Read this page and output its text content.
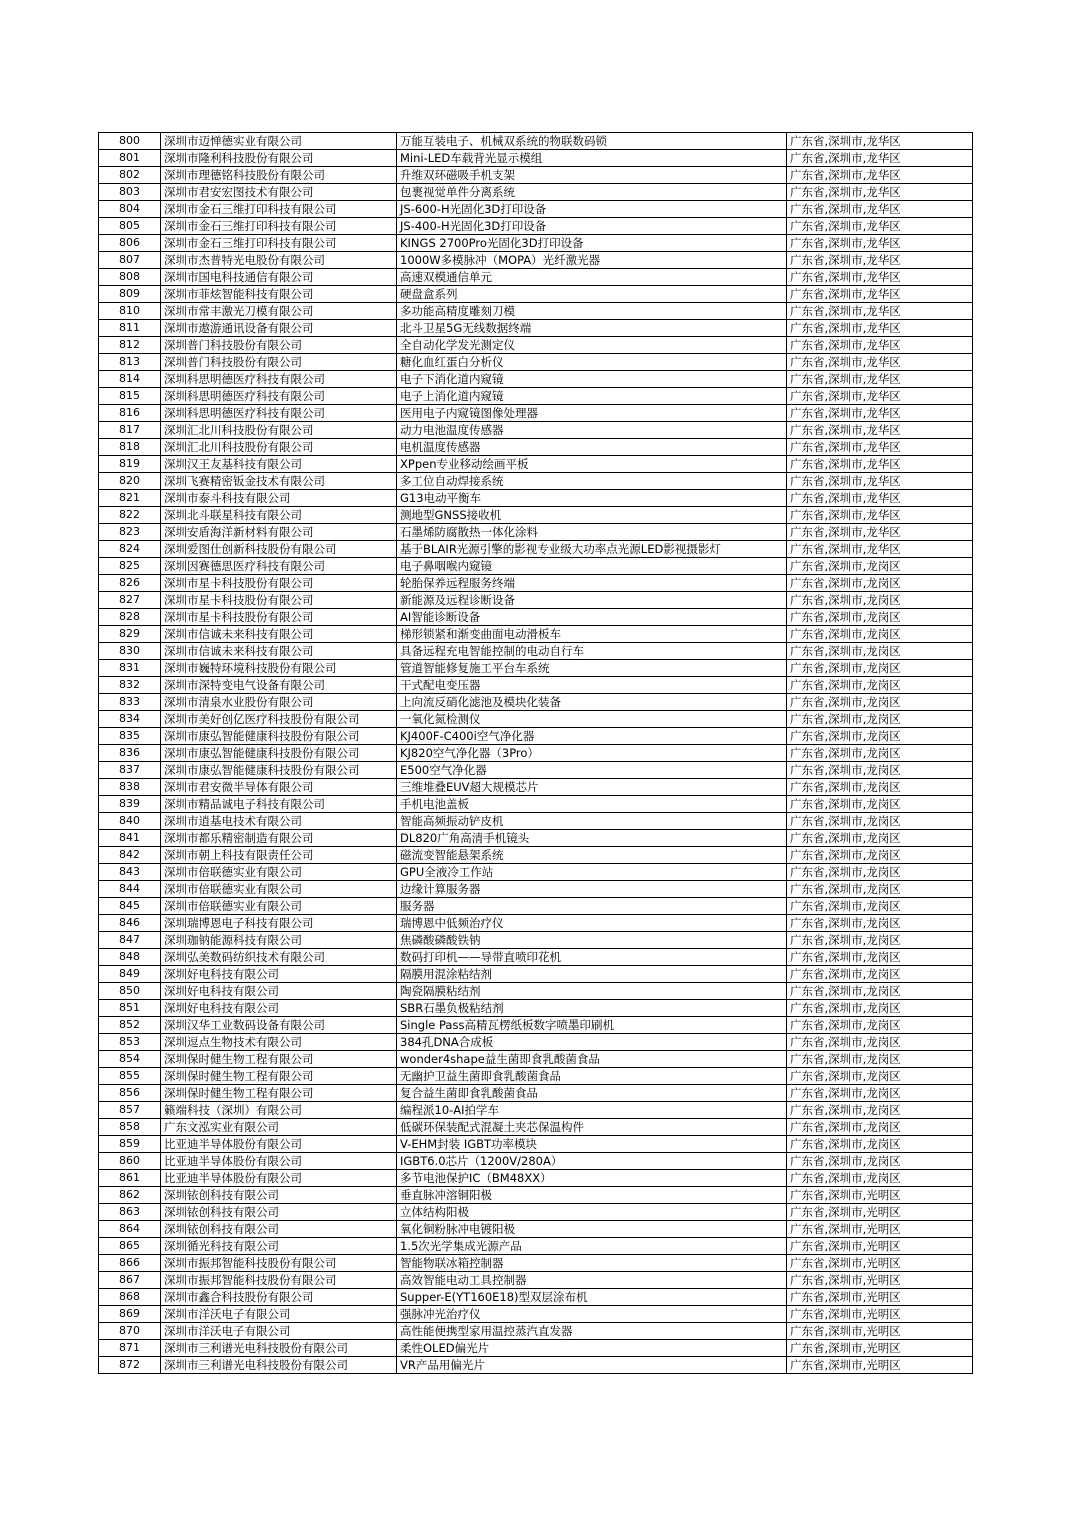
800	深圳市迈惮德实业有限公司	万能互装电子、机械双系统的物联数码锁	广东省,深圳市,龙华区
801	深圳市隆利科技股份有限公司	Mini-LED车载背光显示模组	广东省,深圳市,龙华区
802	深圳市理德铭科技股份有限公司	升维双环磁吸手机支架	广东省,深圳市,龙华区
803	深圳市君安宏图技术有限公司	包裹视觉单件分离系统	广东省,深圳市,龙华区
804	深圳市金石三维打印科技有限公司	JS-600-H光固化3D打印设备	广东省,深圳市,龙华区
805	深圳市金石三维打印科技有限公司	JS-400-H光固化3D打印设备	广东省,深圳市,龙华区
806	深圳市金石三维打印科技有限公司	KINGS 2700Pro光固化3D打印设备	广东省,深圳市,龙华区
807	深圳市杰普特光电股份有限公司	1000W多模脉冲（MOPA）光纤激光器	广东省,深圳市,龙华区
808	深圳市国电科技通信有限公司	高速双模通信单元	广东省,深圳市,龙华区
809	深圳市菲炫智能科技有限公司	硬盘盒系列	广东省,深圳市,龙华区
810	深圳市常丰激光刀模有限公司	多功能高精度雕刻刀模	广东省,深圳市,龙华区
811	深圳市遨游通讯设备有限公司	北斗卫星5G无线数据终端	广东省,深圳市,龙华区
812	深圳普门科技股份有限公司	全自动化学发光测定仪	广东省,深圳市,龙华区
813	深圳普门科技股份有限公司	糖化血红蛋白分析仪	广东省,深圳市,龙华区
814	深圳科思明德医疗科技有限公司	电子下消化道内窥镜	广东省,深圳市,龙华区
815	深圳科思明德医疗科技有限公司	电子上消化道内窥镜	广东省,深圳市,龙华区
816	深圳科思明德医疗科技有限公司	医用电子内窥镜图像处理器	广东省,深圳市,龙华区
817	深圳汇北川科技股份有限公司	动力电池温度传感器	广东省,深圳市,龙华区
818	深圳汇北川科技股份有限公司	电机温度传感器	广东省,深圳市,龙华区
819	深圳汉王友基科技有限公司	XPpen专业移动绘画平板	广东省,深圳市,龙华区
820	深圳飞赛精密钣金技术有限公司	多工位自动焊接系统	广东省,深圳市,龙华区
821	深圳市泰斗科技有限公司	G13电动平衡车	广东省,深圳市,龙华区
822	深圳北斗联星科技有限公司	测地型GNSS接收机	广东省,深圳市,龙华区
823	深圳安盾海洋新材料有限公司	石墨烯防腐散热一体化涂料	广东省,深圳市,龙华区
824	深圳爱图仕创新科技股份有限公司	基于BLAIR光源引擎的影视专业级大功率点光源LED影视摄影灯	广东省,深圳市,龙华区
825	深圳因赛德思医疗科技有限公司	电子鼻咽喉内窥镜	广东省,深圳市,龙岗区
826	深圳市星卡科技股份有限公司	轮胎保养远程服务终端	广东省,深圳市,龙岗区
827	深圳市星卡科技股份有限公司	新能源及远程诊断设备	广东省,深圳市,龙岗区
828	深圳市星卡科技股份有限公司	AI智能诊断设备	广东省,深圳市,龙岗区
829	深圳市信诚未来科技有限公司	梯形锁紧和渐变曲面电动滑板车	广东省,深圳市,龙岗区
830	深圳市信诚未来科技有限公司	具备远程充电智能控制的电动自行车	广东省,深圳市,龙岗区
831	深圳市巍特环境科技股份有限公司	管道智能修复施工平台车系统	广东省,深圳市,龙岗区
832	深圳市深特变电气设备有限公司	干式配电变压器	广东省,深圳市,龙岗区
833	深圳市清泉水业股份有限公司	上向流反硝化滤池及模块化装备	广东省,深圳市,龙岗区
834	深圳市美好创亿医疗科技股份有限公司	一氧化氮检测仪	广东省,深圳市,龙岗区
835	深圳市康弘智能健康科技股份有限公司	KJ400F-C400i空气净化器	广东省,深圳市,龙岗区
836	深圳市康弘智能健康科技股份有限公司	KJ820空气净化器（3Pro）	广东省,深圳市,龙岗区
837	深圳市康弘智能健康科技股份有限公司	E500空气净化器	广东省,深圳市,龙岗区
838	深圳市君安微半导体有限公司	三维堆叠EUV超大规模芯片	广东省,深圳市,龙岗区
839	深圳市精品诚电子科技有限公司	手机电池盖板	广东省,深圳市,龙岗区
840	深圳市逍基电技术有限公司	智能高频振动铲皮机	广东省,深圳市,龙岗区
841	深圳市都乐精密制造有限公司	DL820广角高清手机镜头	广东省,深圳市,龙岗区
842	深圳市朝上科技有限责任公司	磁流变智能悬架系统	广东省,深圳市,龙岗区
843	深圳市倍联德实业有限公司	GPU全液冷工作站	广东省,深圳市,龙岗区
844	深圳市倍联德实业有限公司	边缘计算服务器	广东省,深圳市,龙岗区
845	深圳市倍联德实业有限公司	服务器	广东省,深圳市,龙岗区
846	深圳瑞博恩电子科技有限公司	瑞博恩中低频治疗仪	广东省,深圳市,龙岗区
847	深圳珈钠能源科技有限公司	焦磷酸磷酸铁钠	广东省,深圳市,龙岗区
848	深圳弘美数码纺织技术有限公司	数码打印机——导带直喷印花机	广东省,深圳市,龙岗区
849	深圳好电科技有限公司	隔膜用混涂粘结剂	广东省,深圳市,龙岗区
850	深圳好电科技有限公司	陶瓷隔膜粘结剂	广东省,深圳市,龙岗区
851	深圳好电科技有限公司	SBR石墨负极粘结剂	广东省,深圳市,龙岗区
852	深圳汉华工业数码设备有限公司	Single Pass高精瓦楞纸板数字喷墨印刷机	广东省,深圳市,龙岗区
853	深圳逗点生物技术有限公司	384孔DNA合成板	广东省,深圳市,龙岗区
854	深圳保时健生物工程有限公司	wonder4shape益生菌即食乳酸菌食品	广东省,深圳市,龙岗区
855	深圳保时健生物工程有限公司	无幽护卫益生菌即食乳酸菌食品	广东省,深圳市,龙岗区
856	深圳保时健生物工程有限公司	复合益生菌即食乳酸菌食品	广东省,深圳市,龙岗区
857	籁端科技（深圳）有限公司	编程派10-AI拍学车	广东省,深圳市,龙岗区
858	广东文泓实业有限公司	低碳环保装配式混凝土夹芯保温构件	广东省,深圳市,龙岗区
859	比亚迪半导体股份有限公司	V-EHM封装 IGBT功率模块	广东省,深圳市,龙岗区
860	比亚迪半导体股份有限公司	IGBT6.0芯片（1200V/280A）	广东省,深圳市,龙岗区
861	比亚迪半导体股份有限公司	多节电池保护IC（BM48XX）	广东省,深圳市,龙岗区
862	深圳铱创科技有限公司	垂直脉冲溶铜阳极	广东省,深圳市,光明区
863	深圳铱创科技有限公司	立体结构阳极	广东省,深圳市,光明区
864	深圳铱创科技有限公司	氧化铜粉脉冲电镀阳极	广东省,深圳市,光明区
865	深圳循光科技有限公司	1.5次光学集成光源产品	广东省,深圳市,光明区
866	深圳市振邦智能科技股份有限公司	智能物联冰箱控制器	广东省,深圳市,光明区
867	深圳市振邦智能科技股份有限公司	高效智能电动工具控制器	广东省,深圳市,光明区
868	深圳市鑫合科技股份有限公司	Supper-E(YT160E18)型双层涂布机	广东省,深圳市,光明区
869	深圳市洋沃电子有限公司	强脉冲光治疗仪	广东省,深圳市,光明区
870	深圳市洋沃电子有限公司	高性能便携型家用温控蒸汽直发器	广东省,深圳市,光明区
871	深圳市三利谱光电科技股份有限公司	柔性OLED偏光片	广东省,深圳市,光明区
872	深圳市三利谱光电科技股份有限公司	VR产品用偏光片	广东省,深圳市,光明区
